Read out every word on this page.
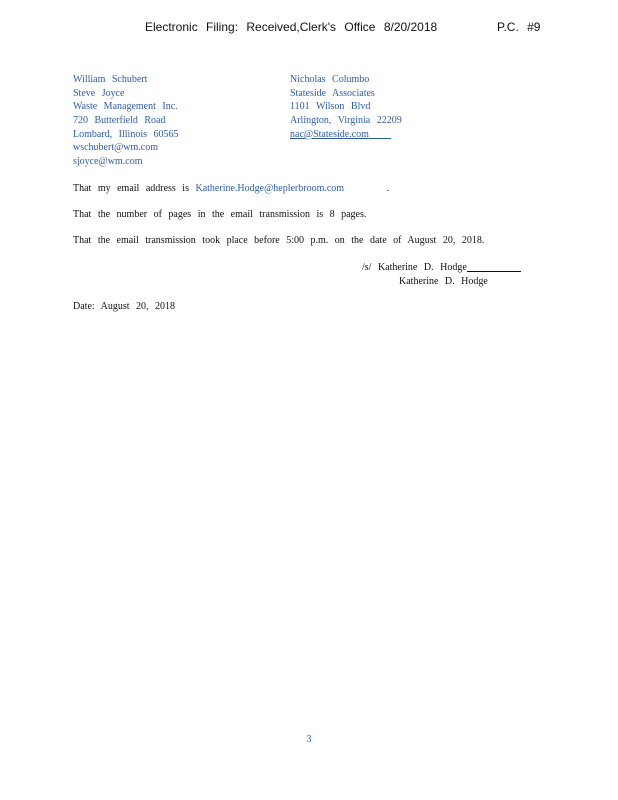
Electronic Filing: Received,Clerk's Office 8/20/2018	P.C. #9
William Schubert
Steve Joyce
Waste Management Inc.
720 Butterfield Road
Lombard, Illinois 60565
wschubert@wm.com
sjoyce@wm.com
Nicholas Columbo
Stateside Associates
1101 Wilson Blvd
Arlington, Virginia 22209
nac@Stateside.com
That my email address is Katherine.Hodge@heplerbroom.com	.
That the number of pages in the email transmission is 8 pages.
That the email transmission took place before 5:00 p.m. on the date of August 20, 2018.
/s/ Katherine D. Hodge
Katherine D. Hodge
Date: August 20, 2018
3
